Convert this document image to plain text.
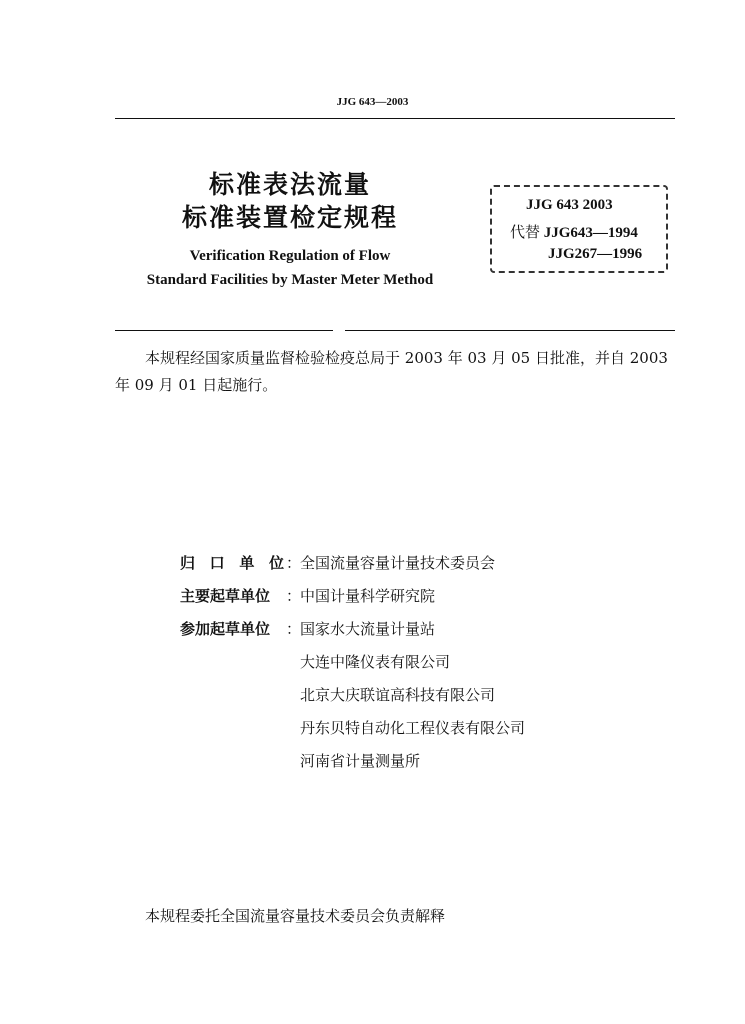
JJG 643—2003
标准表法流量
标准装置检定规程
Verification Regulation of Flow
Standard Facilities by Master Meter Method
JJG 643 2003
代替 JJG643—1994
JJG267—1996
本规程经国家质量监督检验检疫总局于 2003 年 03 月 05 日批准，并自 2003 年 09 月 01 日起施行。
归 口 单 位 ：
全国流量容量计量技术委员会
主要起草单位 ：
中国计量科学研究院
参加起草单位 ：
国家水大流量计量站
大连中隆仪表有限公司
北京大庆联谊高科技有限公司
丹东贝特自动化工程仪表有限公司
河南省计量测量所
本规程委托全国流量容量技术委员会负责解释
